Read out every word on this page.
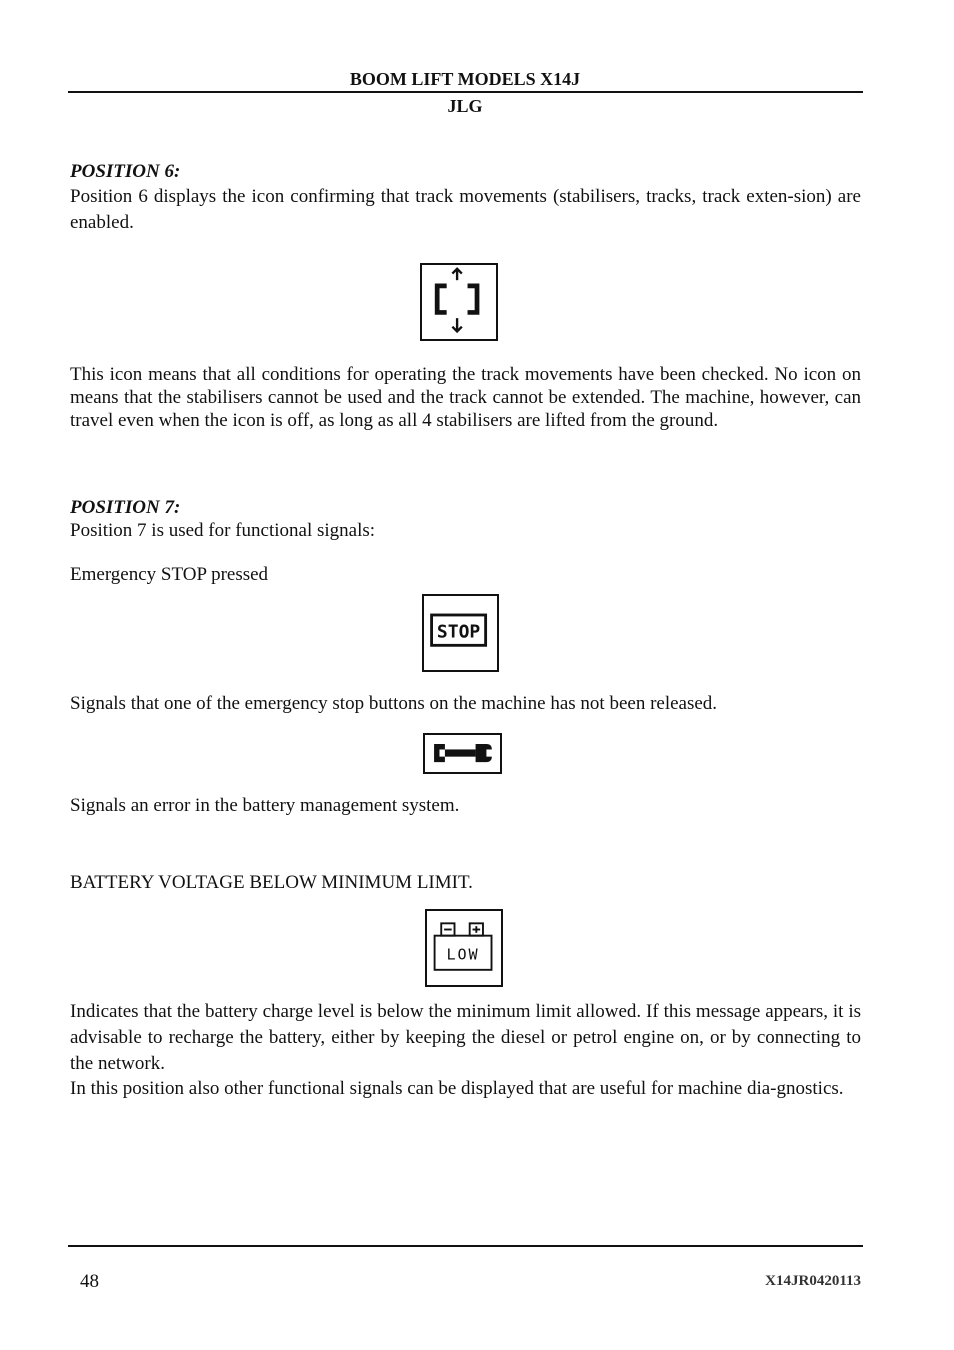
BOOM LIFT MODELS X14J
JLG
POSITION 6:
Position 6 displays the icon confirming that track movements (stabilisers, tracks, track exten-sion) are enabled.
This icon means that all conditions for operating the track movements have been checked. No icon on means that the stabilisers cannot be used and the track cannot be extended. The machine, however, can travel even when the icon is off, as long as all 4 stabilisers are lifted from the ground.
POSITION 7:
Position 7 is used for functional signals:
Emergency STOP pressed
STOP
Signals that one of the emergency stop buttons on the machine has not been released.
Signals an error in the battery management system.
BATTERY VOLTAGE BELOW MINIMUM LIMIT.
LOW
Indicates that the battery charge level is below the minimum limit allowed. If this message appears, it is advisable to recharge the battery, either by keeping the diesel or petrol engine on, or by connecting to the network.
In this position also other functional signals can be displayed that are useful for machine dia-gnostics.
48	X14JR0420113
